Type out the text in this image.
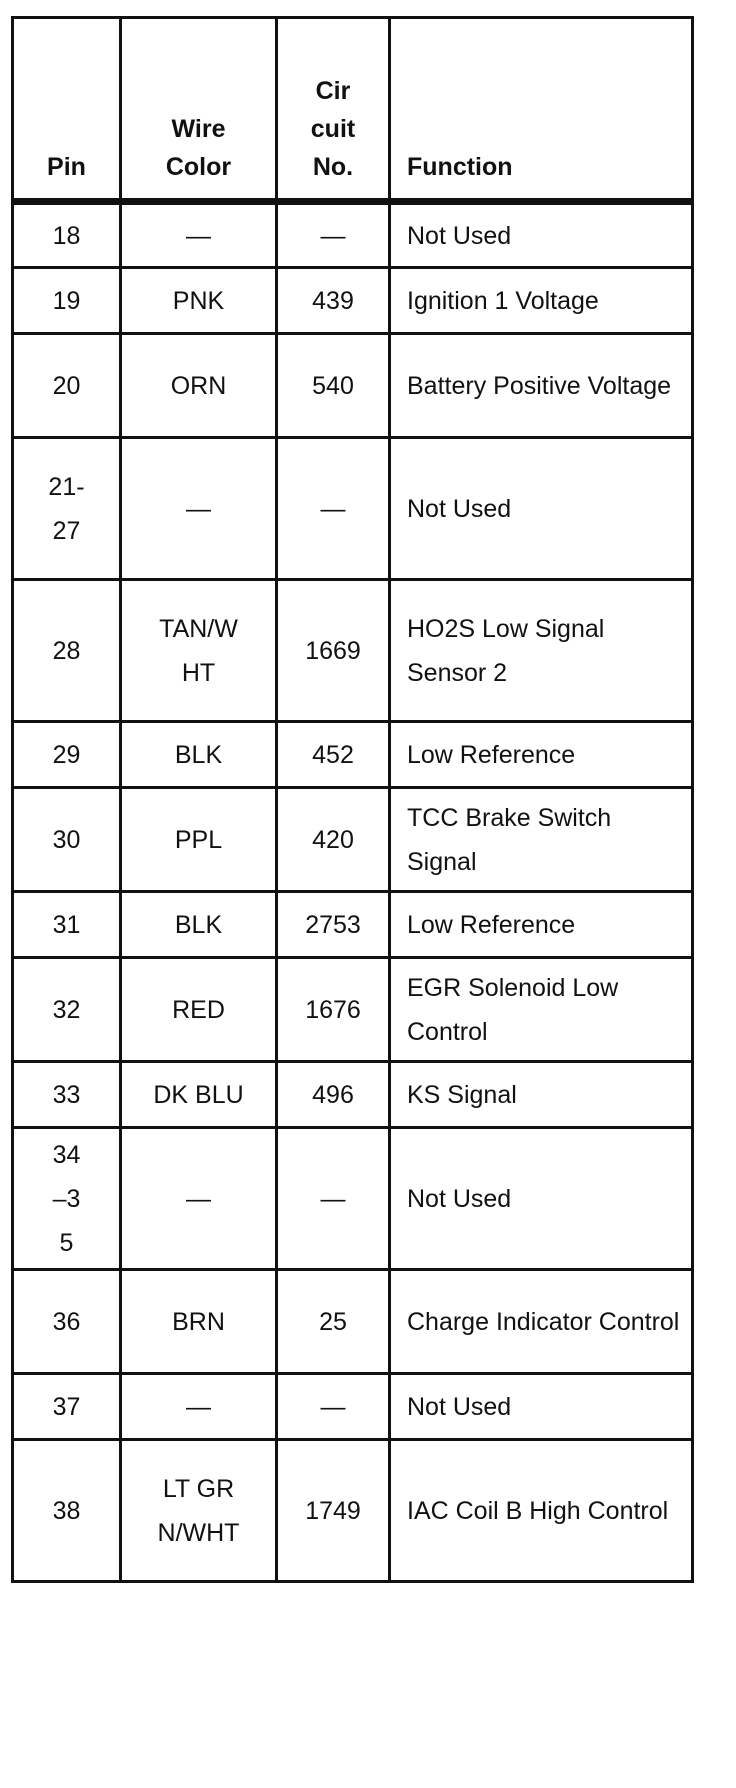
Pin	Wire Color	Cir cuit No.	Function
18	—	—	Not Used
19	PNK	439	Ignition 1 Voltage
20	ORN	540	Battery Positive Voltage
21-27	—	—	Not Used
28	TAN/WHT	1669	HO2S Low Signal Sensor 2
29	BLK	452	Low Reference
30	PPL	420	TCC Brake Switch Signal
31	BLK	2753	Low Reference
32	RED	1676	EGR Solenoid Low Control
33	DK BLU	496	KS Signal
34–35	—	—	Not Used
36	BRN	25	Charge Indicator Control
37	—	—	Not Used
38	LT GRN/WHT	1749	IAC Coil B High Control
